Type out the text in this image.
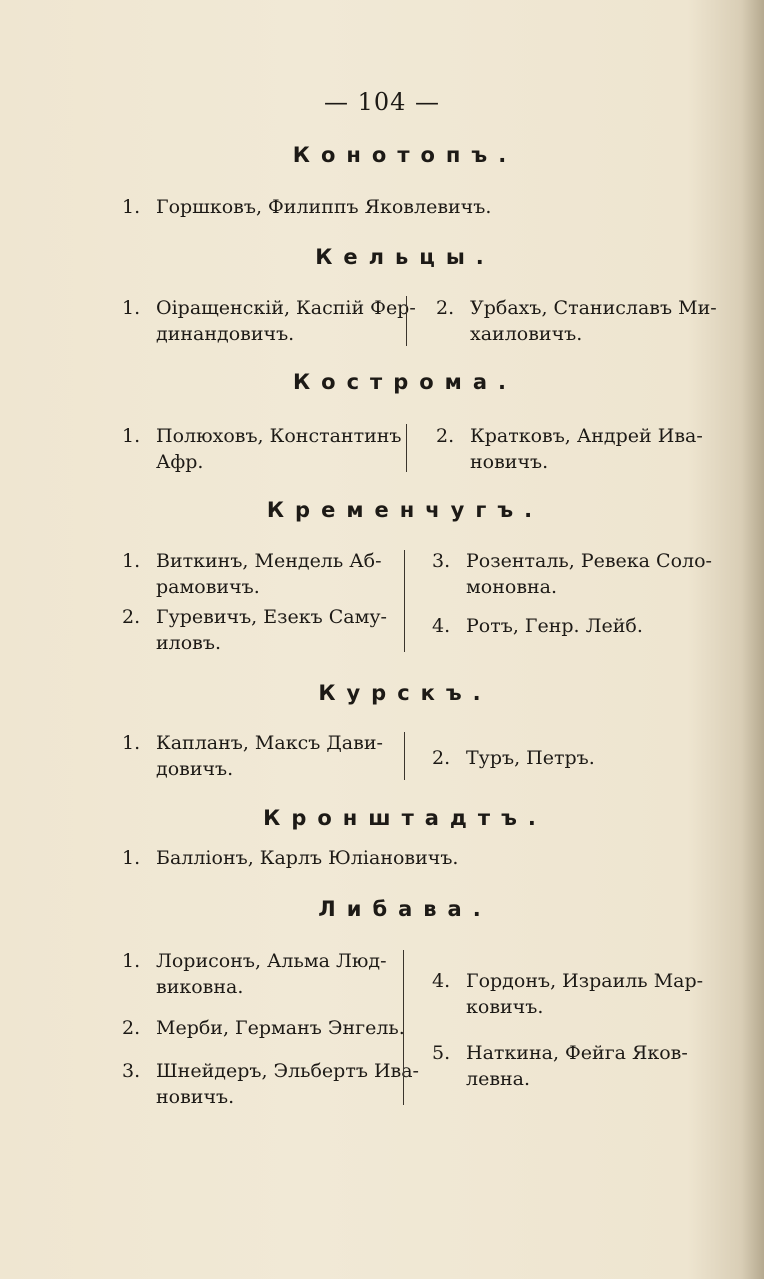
— 104 —
Конотопъ.
1. Горшковъ, Филиппъ Яковлевичъ.
Кельцы.
1. Оіращенскій, Каспій Фер-
динандовичъ.
2. Урбахъ, Станиславъ Ми-
хаиловичъ.
Кострома.
1. Полюховъ, Константинъ
Афр.
2. Кратковъ, Андрей Ива-
новичъ.
Кременчугъ.
1. Виткинъ, Мендель Аб-
рамовичъ.
2. Гуревичъ, Езекъ Саму-
иловъ.
3. Розенталь, Ревека Соло-
моновна.
4. Ротъ, Генр. Лейб.
Курскъ.
1. Капланъ, Максъ Дави-
довичъ.	2. Туръ, Петръ.
Кронштадтъ.
1. Балліонъ, Карлъ Юліановичъ.
Либава.
1. Лорисонъ, Альма Люд-
виковна.
2. Мерби, Германъ Энгель.
3. Шнейдеръ, Эльбертъ Ива-
новичъ.
4. Гордонъ, Израиль Мар-
ковичъ.
5. Наткина, Фейга Яков-
левна.
